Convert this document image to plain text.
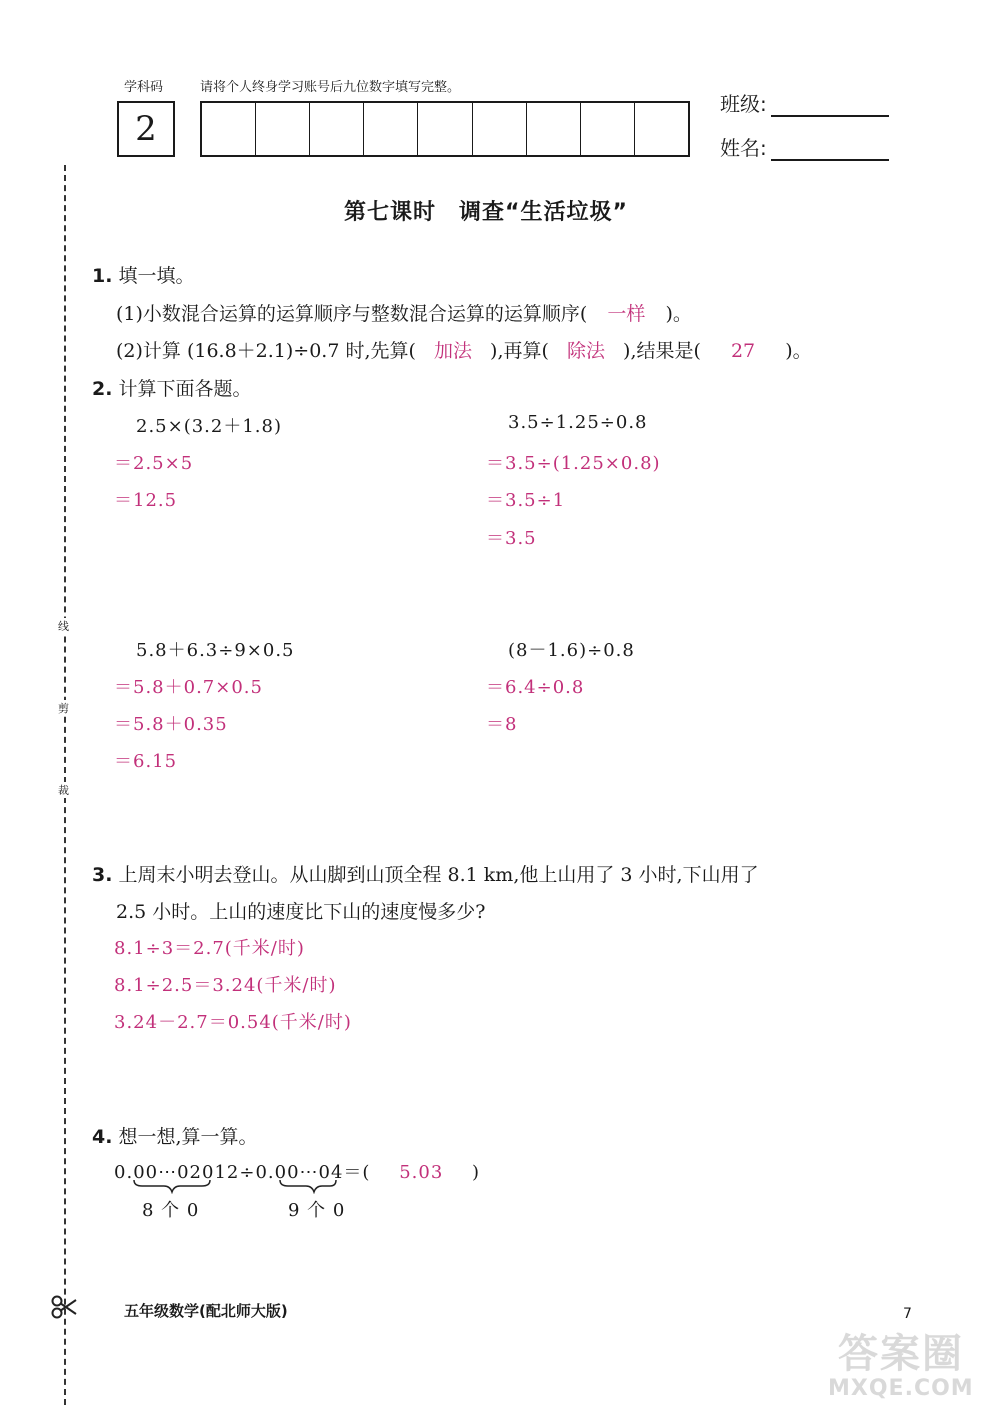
学科码	请将个人终身学习账号后九位数字填写完整。
2
班级:
姓名:
线
剪
裁
第七课时　调查“生活垃圾”
1. 填一填。
(1)小数混合运算的运算顺序与整数混合运算的运算顺序( 一样 )。
(2)计算 (16.8＋2.1)÷0.7 时,先算( 加法 ),再算( 除法 ),结果是( 27 )。
2. 计算下面各题。
2.5×(3.2＋1.8)
＝2.5×5
＝12.5
3.5÷1.25÷0.8
＝3.5÷(1.25×0.8)
＝3.5÷1
＝3.5
5.8＋6.3÷9×0.5
＝5.8＋0.7×0.5
＝5.8＋0.35
＝6.15
(8－1.6)÷0.8
＝6.4÷0.8
＝8
3. 上周末小明去登山。从山脚到山顶全程 8.1 km,他上山用了 3 小时,下山用了
2.5 小时。上山的速度比下山的速度慢多少?
8.1÷3＝2.7(千米/时)
8.1÷2.5＝3.24(千米/时)
3.24－2.7＝0.54(千米/时)
4. 想一想,算一算。
0.00⋯02012÷0.00⋯04＝( 5.03 )
8 个 0	9 个 0
五年级数学(配北师大版)	7
答案圈
MXQE.COM
